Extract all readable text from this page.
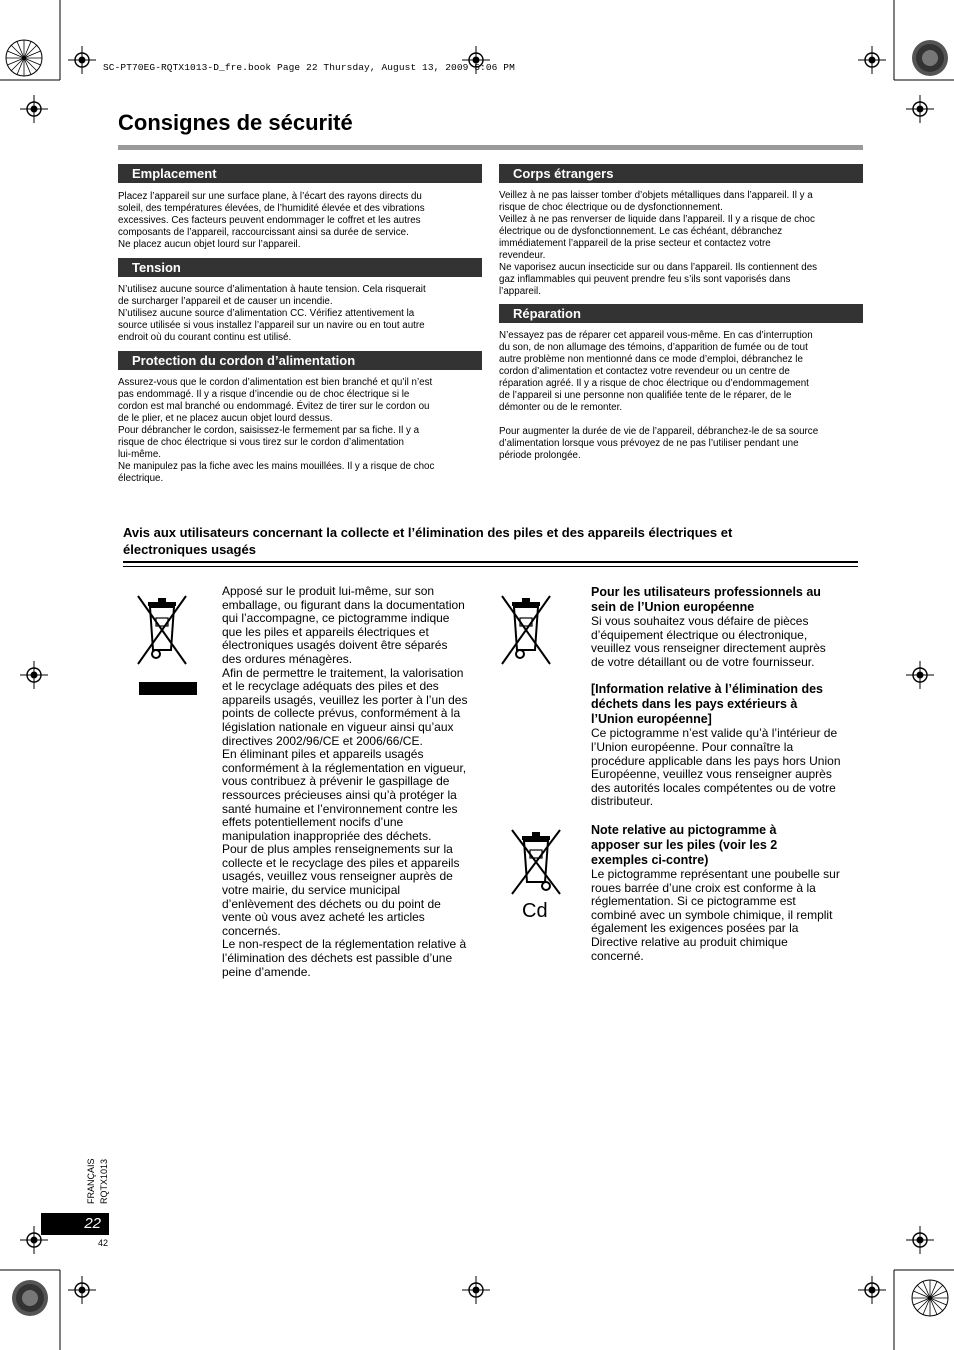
SC-PT70EG-RQTX1013-D_fre.book Page 22 Thursday, August 13, 2009 5:06 PM
Consignes de sécurité
Emplacement

Placez l’appareil sur une surface plane, à l’écart des rayons directs du
soleil, des températures élevées, de l’humidité élevée et des vibrations
excessives. Ces facteurs peuvent endommager le coffret et les autres
composants de l’appareil, raccourcissant ainsi sa durée de service.
Ne placez aucun objet lourd sur l’appareil.

Tension

N’utilisez aucune source d’alimentation à haute tension. Cela risquerait
de surcharger l’appareil et de causer un incendie.
N’utilisez aucune source d’alimentation CC. Vérifiez attentivement la
source utilisée si vous installez l’appareil sur un navire ou en tout autre
endroit où du courant continu est utilisé.

Protection du cordon d’alimentation

Assurez-vous que le cordon d’alimentation est bien branché et qu’il n’est
pas endommagé. Il y a risque d’incendie ou de choc électrique si le
cordon est mal branché ou endommagé. Évitez de tirer sur le cordon ou
de le plier, et ne placez aucun objet lourd dessus.
Pour débrancher le cordon, saisissez-le fermement par sa fiche. Il y a
risque de choc électrique si vous tirez sur le cordon d’alimentation
lui-même.
Ne manipulez pas la fiche avec les mains mouillées. Il y a risque de choc
électrique.

Corps étrangers

Veillez à ne pas laisser tomber d’objets métalliques dans l’appareil. Il y a
risque de choc électrique ou de dysfonctionnement.
Veillez à ne pas renverser de liquide dans l’appareil. Il y a risque de choc
électrique ou de dysfonctionnement. Le cas échéant, débranchez
immédiatement l’appareil de la prise secteur et contactez votre
revendeur.
Ne vaporisez aucun insecticide sur ou dans l’appareil. Ils contiennent des
gaz inflammables qui peuvent prendre feu s’ils sont vaporisés dans
l’appareil.

Réparation

N’essayez pas de réparer cet appareil vous-même. En cas d’interruption
du son, de non allumage des témoins, d’apparition de fumée ou de tout
autre problème non mentionné dans ce mode d’emploi, débranchez le
cordon d’alimentation et contactez votre revendeur ou un centre de
réparation agréé. Il y a risque de choc électrique ou d’endommagement
de l’appareil si une personne non qualifiée tente de le réparer, de le
démonter ou de le remonter.

Pour augmenter la durée de vie de l’appareil, débranchez-le de sa source
d’alimentation lorsque vous prévoyez de ne pas l’utiliser pendant une
période prolongée.

Avis aux utilisateurs concernant la collecte et l’élimination des piles et des appareils électriques et
électroniques usagés
Apposé sur le produit lui-même, sur son
emballage, ou figurant dans la documentation
qui l’accompagne, ce pictogramme indique
que les piles et appareils électriques et
électroniques usagés doivent être séparés
des ordures ménagères.
Afin de permettre le traitement, la valorisation
et le recyclage adéquats des piles et des
appareils usagés, veuillez les porter à l’un des
points de collecte prévus, conformément à la
législation nationale en vigueur ainsi qu’aux
directives 2002/96/CE et 2006/66/CE.
En éliminant piles et appareils usagés
conformément à la réglementation en vigueur,
vous contribuez à prévenir le gaspillage de
ressources précieuses ainsi qu’à protéger la
santé humaine et l’environnement contre les
effets potentiellement nocifs d’une
manipulation inappropriée des déchets.
Pour de plus amples renseignements sur la
collecte et le recyclage des piles et appareils
usagés, veuillez vous renseigner auprès de
votre mairie, du service municipal
d’enlèvement des déchets ou du point de
vente où vous avez acheté les articles
concernés.
Le non-respect de la réglementation relative à
l’élimination des déchets est passible d’une
peine d’amende.
Cd
Pour les utilisateurs professionnels au
sein de l’Union européenne
Si vous souhaitez vous défaire de pièces
d’équipement électrique ou électronique,
veuillez vous renseigner directement auprès
de votre détaillant ou de votre fournisseur.
[Information relative à l’élimination des
déchets dans les pays extérieurs à
l’Union européenne]
Ce pictogramme n’est valide qu’à l’intérieur de
l’Union européenne. Pour connaître la
procédure applicable dans les pays hors Union
Européenne, veuillez vous renseigner auprès
des autorités locales compétentes ou de votre
distributeur.
Note relative au pictogramme à
apposer sur les piles (voir les 2
exemples ci-contre)
Le pictogramme représentant une poubelle sur
roues barrée d’une croix est conforme à la
réglementation. Si ce pictogramme est
combiné avec un symbole chimique, il remplit
également les exigences posées par la
Directive relative au produit chimique
concerné.
FRANÇAIS RQTX1013
22
42
